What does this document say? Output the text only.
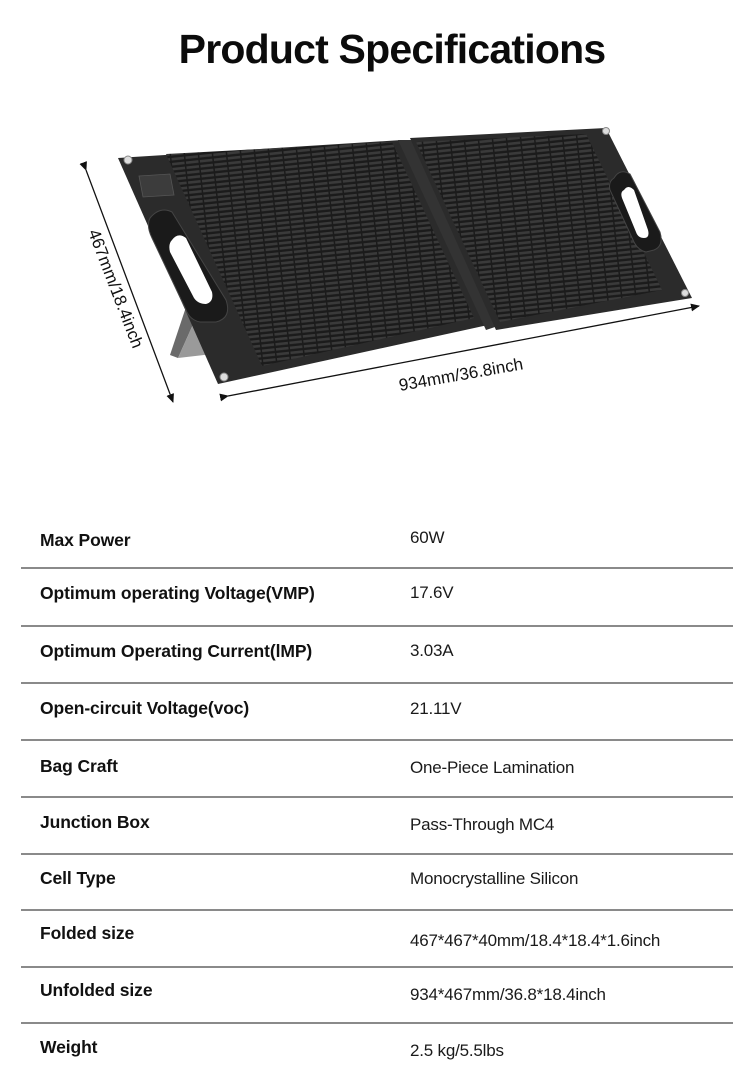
Product Specifications
467mm/18.4inch
934mm/36.8inch
Max Power	60W
Optimum operating Voltage(VMP)	17.6V
Optimum Operating Current(lMP)	3.03A
Open-circuit Voltage(voc)	21.11V
Bag Craft	One-Piece Lamination
Junction Box	Pass-Through MC4
Cell Type	Monocrystalline Silicon
Folded size	467*467*40mm/18.4*18.4*1.6inch
Unfolded size	934*467mm/36.8*18.4inch
Weight	2.5 kg/5.5lbs
